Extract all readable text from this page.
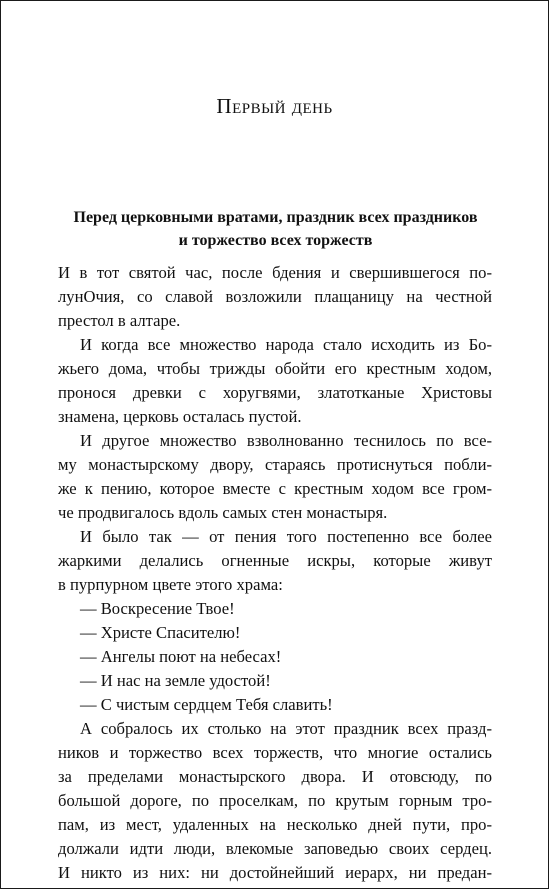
Первый день
Перед церковными вратами, праздник всех праздников
и торжество всех торжеств
И в тот святой час, после бдения и свершившегося по-
лунОчия, со славой возложили плащаницу на честной
престол в алтаре.
И когда все множество народа стало исходить из Бо-
жьего дома, чтобы трижды обойти его крестным ходом,
пронося древки с хоругвями, златотканые Христовы
знамена, церковь осталась пустой.
И другое множество взволнованно теснилось по все-
му монастырскому двору, стараясь протиснуться побли-
же к пению, которое вместе с крестным ходом все гром-
че продвигалось вдоль самых стен монастыря.
И было так — от пения того постепенно все более
жаркими делались огненные искры, которые живут
в пурпурном цвете этого храма:
— Воскресение Твое!
— Христе Спасителю!
— Ангелы поют на небесах!
— И нас на земле удостой!
— С чистым сердцем Тебя славить!
А собралось их столько на этот праздник всех празд-
ников и торжество всех торжеств, что многие остались
за пределами монастырского двора. И отовсюду, по
большой дороге, по проселкам, по крутым горным тро-
пам, из мест, удаленных на несколько дней пути, про-
должали идти люди, влекомые заповедью своих сердец.
И никто из них: ни достойнейший иерарх, ни предан-
